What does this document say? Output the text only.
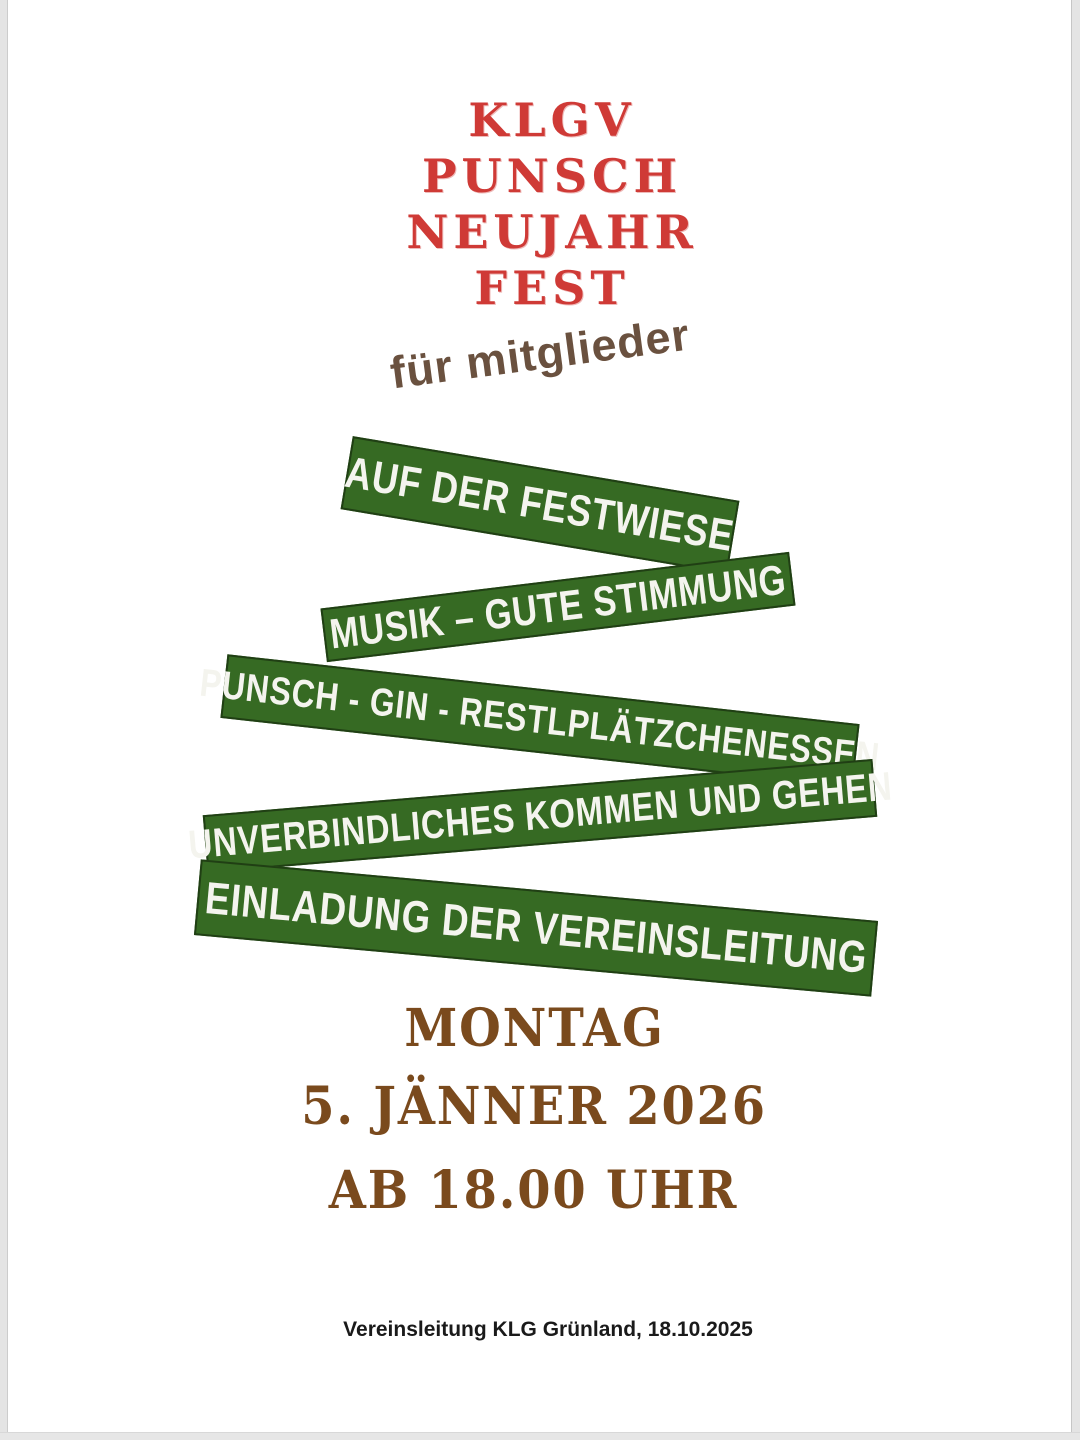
KLGV
PUNSCH
NEUJAHR
FEST
für mitglieder
AUF DER FESTWIESE
MUSIK – GUTE STIMMUNG
PUNSCH - GIN - RESTLPLÄTZCHENESSEN
UNVERBINDLICHES KOMMEN UND GEHEN
EINLADUNG DER VEREINSLEITUNG
MONTAG
5. JÄNNER 2026
AB 18.00 UHR
Vereinsleitung KLG Grünland, 18.10.2025
